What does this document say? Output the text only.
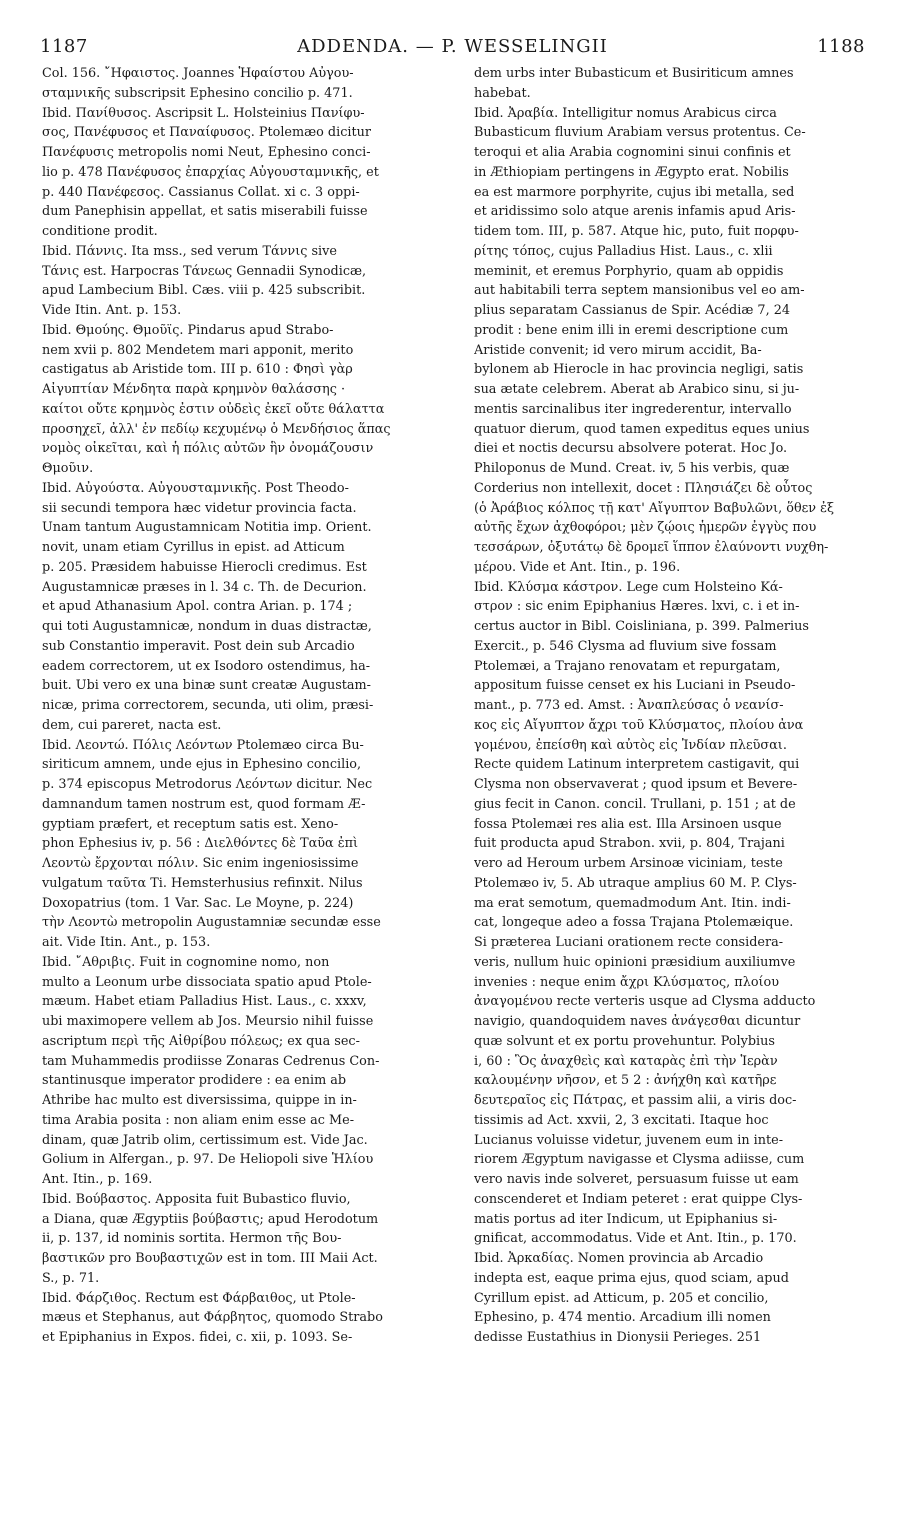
1187	ADDENDA. — P. WESSELINGII	1188
Col. 156. ῎Ηφαιστος. Joannes Ἡφαίστου Αὐγου-
σταμνικῆς subscripsit Ephesino concilio p. 471.
Ibid. Πανίθυσος. Ascripsit L. Holsteinius Πανίφυ-
σος, Πανέφυσος et Παναίφυσος. Ptolemæo dicitur
Πανέφυσις metropolis nomi Neut, Ephesino conci-
lio p. 478 Πανέφυσος ἐπαρχίας Αὐγουσταμνικῆς, et
p. 440 Πανέφεσος. Cassianus Collat. xi c. 3 oppi-
dum Panephisin appellat, et satis miserabili fuisse
conditione prodit.
Ibid. Πάννις. Ita mss., sed verum Τάννις sive
Τάνις est. Harpocras Τάνεως Gennadii Synodicæ,
apud Lambecium Bibl. Cæs. viii p. 425 subscribit.
Vide Itin. Ant. p. 153.
Ibid. Θμούης. Θμοῦϊς. Pindarus apud Strabo-
nem xvii p. 802 Mendetem mari apponit, merito
castigatus ab Aristide tom. III p. 610 : Φησὶ γὰρ
Αἰγυπτίαν Μένδητα παρὰ κρημνὸν θαλάσσης ·
καίτοι οὔτε κρημνὸς ἐστιν οὐδεὶς ἐκεῖ οὔτε θάλαττα
προσηχεῖ, ἀλλ' ἐν πεδίῳ κεχυμένῳ ὁ Μενδήσιος ἅπας
νομὸς οἰκεῖται, καὶ ἡ πόλις αὐτῶν ἣν ὀνομάζουσιν
Θμοῦιν.
Ibid. Αὐγούστα. Αὐγουσταμνικῆς. Post Theodo-
sii secundi tempora hæc videtur provincia facta.
Unam tantum Augustamnicam Notitia imp. Orient.
novit, unam etiam Cyrillus in epist. ad Atticum
p. 205. Præsidem habuisse Hierocli credimus. Est
Augustamnicæ præses in l. 34 c. Th. de Decurion.
et apud Athanasium Apol. contra Arian. p. 174 ;
qui toti Augustamnicæ, nondum in duas distractæ,
sub Constantio imperavit. Post dein sub Arcadio
eadem correctorem, ut ex Isodoro ostendimus, ha-
buit. Ubi vero ex una binæ sunt creatæ Augustam-
nicæ, prima correctorem, secunda, uti olim, præsi-
dem, cui pareret, nacta est.
Ibid. Λεοντώ. Πόλις Λεόντων Ptolemæo circa Bu-
siriticum amnem, unde ejus in Ephesino concilio,
p. 374 episcopus Metrodorus Λεόντων dicitur. Nec
damnandum tamen nostrum est, quod formam Æ-
gyptiam præfert, et receptum satis est. Xeno-
phon Ephesius iv, p. 56 : Διελθόντες δὲ Ταῦα ἐπὶ
Λεοντὼ ἔρχονται πόλιν. Sic enim ingeniosissime
vulgatum ταῦτα Ti. Hemsterhusius refinxit. Nilus
Doxopatrius (tom. 1 Var. Sac. Le Moyne, p. 224)
τὴν Λεοντὼ metropolin Augustamniæ secundæ esse
ait. Vide Itin. Ant., p. 153.
Ibid. ῎Αθριβις. Fuit in cognomine nomo, non
multo a Leonum urbe dissociata spatio apud Ptole-
mæum. Habet etiam Palladius Hist. Laus., c. xxxv,
ubi maximopere vellem ab Jos. Meursio nihil fuisse
ascriptum περὶ τῆς Αἰθρίβου πόλεως; ex qua sec-
tam Muhammedis prodiisse Zonaras Cedrenus Con-
stantinusque imperator prodidere : ea enim ab
Athribe hac multo est diversissima, quippe in in-
tima Arabia posita : non aliam enim esse ac Me-
dinam, quæ Jatrib olim, certissimum est. Vide Jac.
Golium in Alfergan., p. 97. De Heliopoli sive Ἡλίου
Ant. Itin., p. 169.
Ibid. Βούβαστος. Apposita fuit Bubastico fluvio,
a Diana, quæ Ægyptiis βούβαστις; apud Herodotum
ii, p. 137, id nominis sortita. Hermon τῆς Βου-
βαστικῶν pro Βουβαστιχῶν est in tom. III Maii Act.
S., p. 71.
Ibid. Φάρζιθος. Rectum est Φάρβαιθος, ut Ptole-
mæus et Stephanus, aut Φάρβητος, quomodo Strabo
et Epiphanius in Expos. fidei, c. xii, p. 1093. Se-
dem urbs inter Bubasticum et Busiriticum amnes
habebat.
Ibid. Ἀραβία. Intelligitur nomus Arabicus circa
Bubasticum fluvium Arabiam versus protentus. Ce-
teroqui et alia Arabia cognomini sinui confinis et
in Æthiopiam pertingens in Ægypto erat. Nobilis
ea est marmore porphyrite, cujus ibi metalla, sed
et aridissimo solo atque arenis infamis apud Aris-
tidem tom. III, p. 587. Atque hic, puto, fuit πορφυ-
ρίτης τόπος, cujus Palladius Hist. Laus., c. xlii
meminit, et eremus Porphyrio, quam ab oppidis
aut habitabili terra septem mansionibus vel eo am-
plius separatam Cassianus de Spir. Acédiæ 7, 24
prodit : bene enim illi in eremi descriptione cum
Aristide convenit; id vero mirum accidit, Ba-
bylonem ab Hierocle in hac provincia negligi, satis
sua ætate celebrem. Aberat ab Arabico sinu, si ju-
mentis sarcinalibus iter ingrederentur, intervallo
quatuor dierum, quod tamen expeditus eques unius
diei et noctis decursu absolvere poterat. Hoc Jo.
Philoponus de Mund. Creat. iv, 5 his verbis, quæ
Corderius non intellexit, docet : Πλησιάζει δὲ οὗτος
(ὁ Ἀράβιος κόλπος τῇ κατ' Αἴγυπτον Βαβυλῶνι, ὅθεν ἐξ
αὐτῆς ἔχων ἀχθοφόροι; μὲν ζῴοις ἡμερῶν ἐγγὺς που
τεσσάρων, ὀξυτάτῳ δὲ δρομεῖ ἵππον ἐλαύνοντι νυχθη-
μέρου. Vide et Ant. Itin., p. 196.
Ibid. Κλύσμα κάστρον. Lege cum Holsteino Κά-
στρον : sic enim Epiphanius Hæres. lxvi, c. i et in-
certus auctor in Bibl. Coisliniana, p. 399. Palmerius
Exercit., p. 546 Clysma ad fluvium sive fossam
Ptolemæi, a Trajano renovatam et repurgatam,
appositum fuisse censet ex his Luciani in Pseudo-
mant., p. 773 ed. Amst. : Ἀναπλεύσας ὁ νεανίσ-
κος εἰς Αἴγυπτον ἄχρι τοῦ Κλύσματος, πλοίου ἀνα
γομένου, ἐπείσθη καὶ αὐτὸς εἰς Ἰνδίαν πλεῦσαι.
Recte quidem Latinum interpretem castigavit, qui
Clysma non observaverat ; quod ipsum et Bevere-
gius fecit in Canon. concil. Trullani, p. 151 ; at de
fossa Ptolemæi res alia est. Illa Arsinoen usque
fuit producta apud Strabon. xvii, p. 804, Trajani
vero ad Heroum urbem Arsinoæ viciniam, teste
Ptolemæo iv, 5. Ab utraque amplius 60 M. P. Clys-
ma erat semotum, quemadmodum Ant. Itin. indi-
cat, longeque adeo a fossa Trajana Ptolemæique.
Si præterea Luciani orationem recte considera-
veris, nullum huic opinioni præsidium auxiliumve
invenies : neque enim ἄχρι Κλύσματος, πλοίου
ἀναγομένου recte verteris usque ad Clysma adducto
navigio, quandoquidem naves ἀνάγεσθαι dicuntur
quæ solvunt et ex portu provehuntur. Polybius
i, 60 : Ὃς ἀναχθεὶς καὶ καταρὰς ἐπὶ τὴν Ἱερὰν
καλουμένην νῆσον, et 5 2 : ἀνήχθη καὶ κατῆρε
δευτεραῖος εἰς Πάτρας, et passim alii, a viris doc-
tissimis ad Act. xxvii, 2, 3 excitati. Itaque hoc
Lucianus voluisse videtur, juvenem eum in inte-
riorem Ægyptum navigasse et Clysma adiisse, cum
vero navis inde solveret, persuasum fuisse ut eam
conscenderet et Indiam peteret : erat quippe Clys-
matis portus ad iter Indicum, ut Epiphanius si-
gnificat, accommodatus. Vide et Ant. Itin., p. 170.
Ibid. Ἀρκαδίας. Nomen provincia ab Arcadio
indepta est, eaque prima ejus, quod sciam, apud
Cyrillum epist. ad Atticum, p. 205 et concilio,
Ephesino, p. 474 mentio. Arcadium illi nomen
dedisse Eustathius in Dionysii Perieges. 251
